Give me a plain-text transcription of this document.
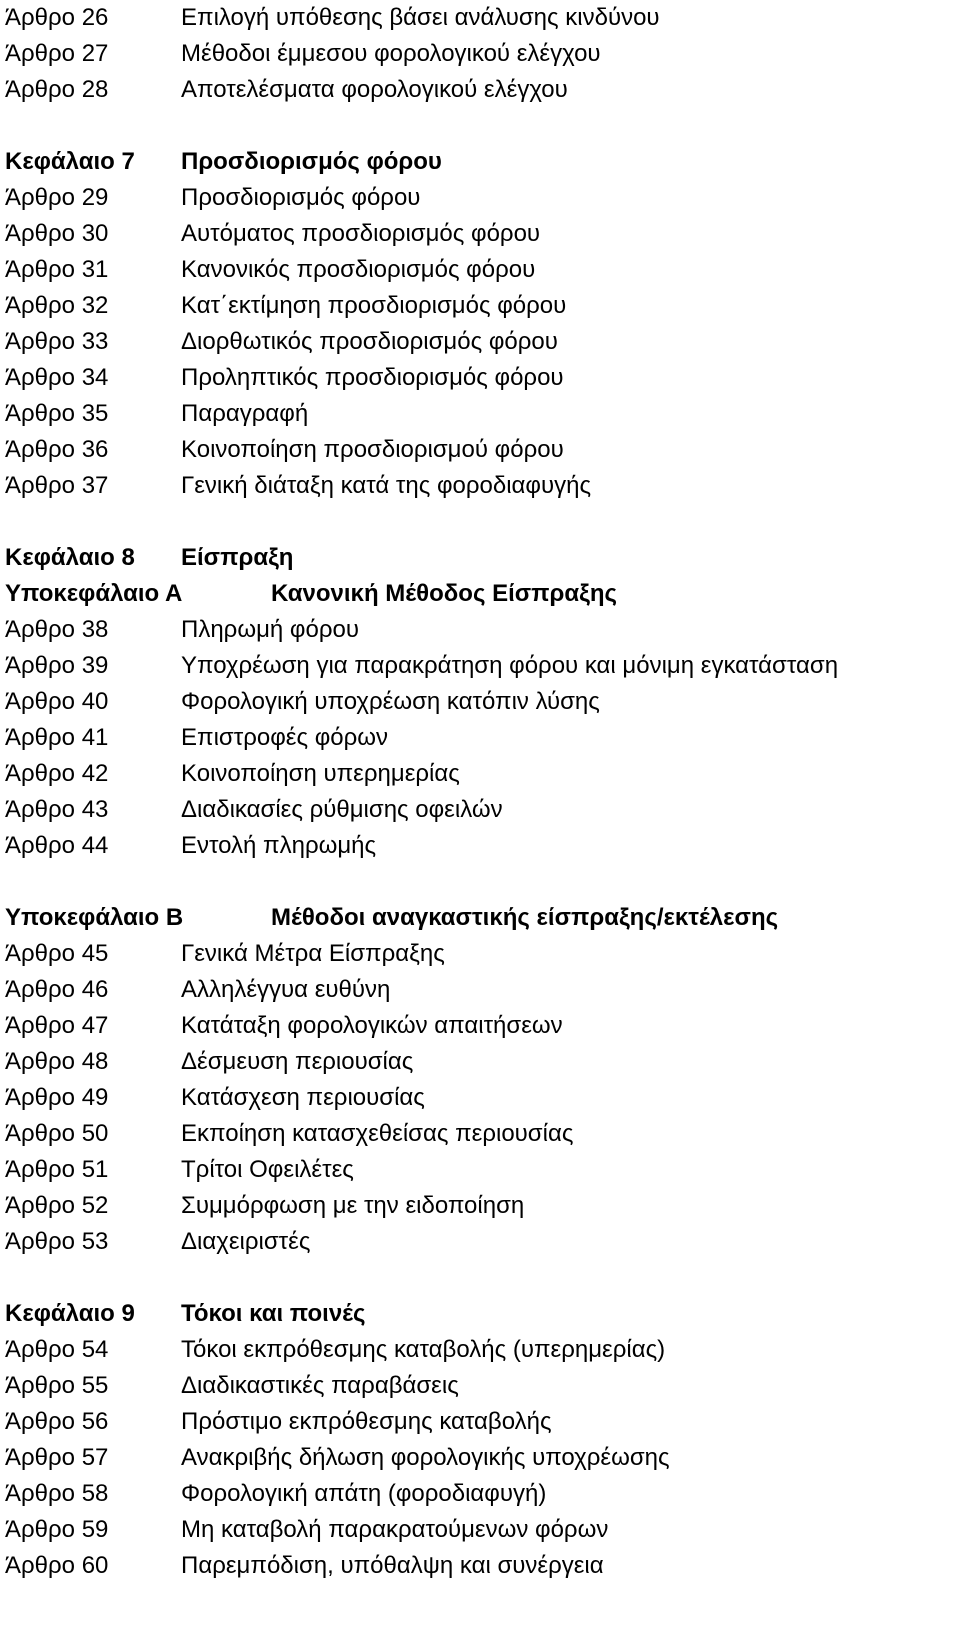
Άρθρο 26	Επιλογή υπόθεσης βάσει ανάλυσης κινδύνου
Άρθρο 27	Μέθοδοι έμμεσου φορολογικού ελέγχου
Άρθρο 28	Αποτελέσματα φορολογικού ελέγχου
Κεφάλαιο 7 Προσδιορισμός φόρου
Άρθρο 29	Προσδιορισμός φόρου
Άρθρο 30	Αυτόματος προσδιορισμός φόρου
Άρθρο 31	Κανονικός προσδιορισμός φόρου
Άρθρο 32	Κατ΄εκτίμηση προσδιορισμός φόρου
Άρθρο 33	Διορθωτικός προσδιορισμός φόρου
Άρθρο 34	Προληπτικός προσδιορισμός φόρου
Άρθρο 35	Παραγραφή
Άρθρο 36	Κοινοποίηση προσδιορισμού φόρου
Άρθρο 37	Γενική διάταξη κατά της φοροδιαφυγής
Κεφάλαιο 8 Είσπραξη
Υποκεφάλαιο Α	Κανονική Μέθοδος Είσπραξης
Άρθρο 38	Πληρωμή φόρου
Άρθρο 39	Υποχρέωση για παρακράτηση φόρου και μόνιμη εγκατάσταση
Άρθρο 40	Φορολογική υποχρέωση κατόπιν λύσης
Άρθρο 41	Επιστροφές φόρων
Άρθρο 42	Κοινοποίηση υπερημερίας
Άρθρο 43	Διαδικασίες ρύθμισης οφειλών
Άρθρο 44	Εντολή πληρωμής
Υποκεφάλαιο Β	Μέθοδοι αναγκαστικής είσπραξης/εκτέλεσης
Άρθρο 45	Γενικά Μέτρα Είσπραξης
Άρθρο 46	Αλληλέγγυα ευθύνη
Άρθρο 47	Κατάταξη φορολογικών απαιτήσεων
Άρθρο 48	Δέσμευση περιουσίας
Άρθρο 49	Κατάσχεση περιουσίας
Άρθρο 50	Εκποίηση κατασχεθείσας περιουσίας
Άρθρο 51	Τρίτοι Οφειλέτες
Άρθρο 52	Συμμόρφωση με την ειδοποίηση
Άρθρο 53	Διαχειριστές
Κεφάλαιο 9 Τόκοι και ποινές
Άρθρο 54	Τόκοι εκπρόθεσμης καταβολής (υπερημερίας)
Άρθρο 55	Διαδικαστικές παραβάσεις
Άρθρο 56	Πρόστιμο εκπρόθεσμης καταβολής
Άρθρο 57	Ανακριβής δήλωση φορολογικής υποχρέωσης
Άρθρο 58	Φορολογική απάτη (φοροδιαφυγή)
Άρθρο 59	Μη καταβολή παρακρατούμενων φόρων
Άρθρο 60	Παρεμπόδιση, υπόθαλψη και συνέργεια
